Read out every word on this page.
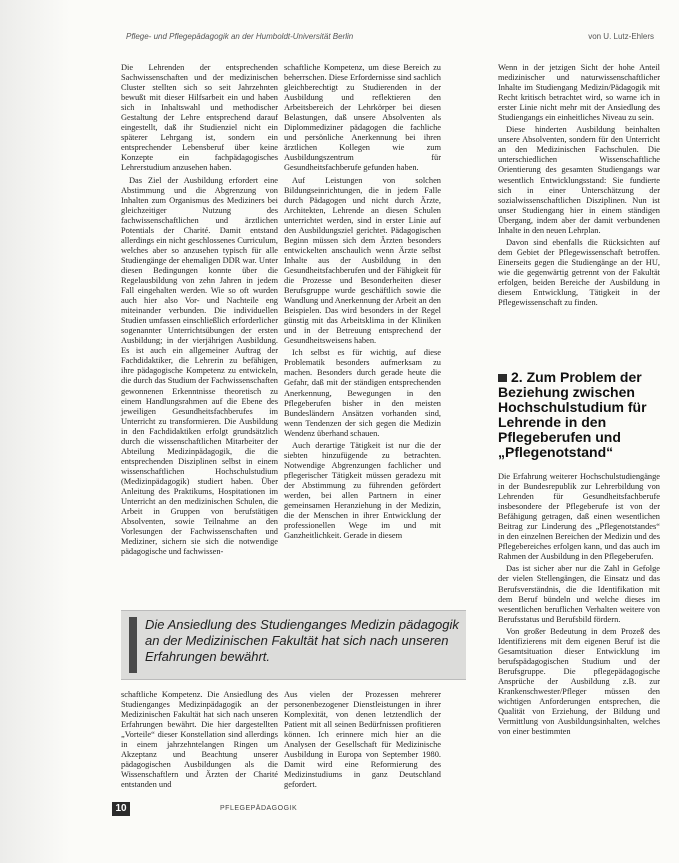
Pflege- und Pflegepädagogik an der Humboldt-Universität Berlin	von U. Lutz-Ehlers

Die Lehrenden der entsprechenden Sachwissenschaften und der medizinischen Cluster stellten sich so seit Jahrzehnten bewußt mit dieser Hilfsarbeit ein und haben sich in Inhaltswahl und methodischer Gestaltung der Lehre entsprechend darauf eingestellt, daß ihr Studienziel nicht ein späterer Lehrgang ist, sondern ein entsprechender Lebensberuf über keine Konzepte ein fachpädagogisches Lehrerstudium anzusehen haben.

Das Ziel der Ausbildung erfordert eine Abstimmung und die Abgrenzung von Inhalten zum Organismus des Mediziners bei gleichzeitiger Nutzung des fachwissenschaftlichen und ärztlichen Potentials der Charité. Damit entstand allerdings ein nicht geschlossenes Curriculum, welches aber so anzusehen typisch für alle Studiengänge der ehemaligen DDR war. Unter diesen Bedingungen konnte über die Regelausbildung von zehn Jahren in jedem Fall eingehalten werden. Wie so oft wurden auch hier also Vor- und Nachteile eng miteinander verbunden. Die individuellen Studien umfassen einschließlich erforderlicher sogenannter Unterrichtsübungen der ersten Ausbildung; in der vierjährigen Ausbildung. Es ist auch ein allgemeiner Auftrag der Fachdidaktiker, die Lehrerin zu befähigen, ihre pädagogische Kompetenz zu entwickeln, die durch das Studium der Fachwissenschaften gewonnenen Erkenntnisse theoretisch zu einem Handlungsrahmen auf die Ebene des jeweiligen Gesundheitsfachberufes im Unterricht zu transformieren. Die Ausbildung in den Fachdidaktiken erfolgt grundsätzlich durch die wissenschaftlichen Mitarbeiter der Abteilung Medizinpädagogik, die die entsprechenden Disziplinen selbst in einem wissenschaftlichen Hochschulstudium (Medizinpädagogik) studiert haben. Über Anleitung des Praktikums, Hospitationen im Unterricht an den medizinischen Schulen, die Arbeit in Gruppen von berufstätigen Absolventen, sowie Teilnahme an den Vorlesungen der Fachwissenschaften und Mediziner, sichern sie sich die notwendige pädagogische und fachwissen-

schaftliche Kompetenz, um diese Bereich zu beherrschen. Diese Erfordernisse sind sachlich gleichberechtigt zu Studierenden in der Ausbildung und reflektieren den Arbeitsbereich der Lehrkörper bei diesen Belastungen, daß unsere Absolventen als Diplommediziner pädagogen die fachliche und persönliche Anerkennung bei ihren ärztlichen Kollegen wie zum Ausbildungszentrum für Gesundheitsfachberufe gefunden haben.

Auf Leistungen von solchen Bildungseinrichtungen, die in jedem Falle durch Pädagogen und nicht durch Ärzte, Architekten, Lehrende an diesen Schulen unterrichtet werden, sind in erster Linie auf den Ausbildungsziel gerichtet. Pädagogischen Beginn müssen sich dem Ärzten besonders entwickelten anschaulich wenn Ärzte selbst Inhalte aus der Ausbildung in den Gesundheitsfachberufen und der Fähigkeit für die Prozesse und Besonderheiten dieser Berufsgruppe wurde geschäftlich sowie die Wandlung und Anerkennung der Arbeit an den Beispielen. Das wird besonders in der Regel günstig mit das Arbeitsklima in der Kliniken und in der Betreuung entsprechend der Gesundheitsweisens haben.

Ich selbst es für wichtig, auf diese Problematik besonders aufmerksam zu machen. Besonders durch gerade heute die Gefahr, daß mit der ständigen entsprechenden Anerkennung, Bewegungen in den Pflegeberufen bisher in den meisten Bundesländern Ansätzen vorhanden sind, wenn Tendenzen der sich gegen die Medizin Wendenz überhand schauen.

Auch derartige Tätigkeit ist nur die der siebten hinzufügende zu betrachten. Notwendige Abgrenzungen fachlicher und pflegerischer Tätigkeit müssen geradezu mit der Abstimmung zu führenden gefördert werden, bei allen Partnern in einer gemeinsamen Heranziehung in der Medizin, die der Menschen in ihrer Entwicklung der professionellen Wege im und mit Ganzheitlichkeit. Gerade in diesem

Wenn in der jetzigen Sicht der hohe Anteil medizinischer und naturwissenschaftlicher Inhalte im Studiengang Medizin/Pädagogik mit Recht kritisch betrachtet wird, so warne ich in erster Linie nicht mehr mit der Ansiedlung des Studiengangs ein einheitliches Niveau zu sein.

Diese hinderten Ausbildung beinhalten unsere Absolventen, sondern für den Unterricht an den Medizinischen Fachschulen. Die unterschiedlichen Wissenschaftliche Orientierung des gesamten Studiengangs war wesentlich Entwicklungsstand: Sie fundierte sich in einer Unterschätzung der sozialwissenschaftlichen Disziplinen. Nun ist unser Studiengang hier in einem ständigen Übergang, indem aber der damit verbundenen Inhalte in den neuen Lehrplan.

Davon sind ebenfalls die Rücksichten auf dem Gebiet der Pflegewissenschaft betroffen. Einerseits gegen die Studiengänge an der HU, wie die gegenwärtig getrennt von der Fakultät erfolgen, beiden Bereiche der Ausbildung in diesem Entwicklung, Tätigkeit in der Pflegewissenschaft zu finden.

2. Zum Problem der
Beziehung zwischen
Hochschulstudium für
Lehrende in den
Pflegeberufen und
„Pflegenotstand“

Die Erfahrung weiterer Hochschulstudiengänge in der Bundesrepublik zur Lehrerbildung von Lehrenden für Gesundheitsfachberufe insbesondere der Pflegeberufe ist von der Befähigung getragen, daß einen wesentlichen Beitrag zur Linderung des „Pflegenotstandes“ in den einzelnen Bereichen der Medizin und des Pflegebereiches erfolgen kann, und das auch im Rahmen der Ausbildung in den Pflegeberufen.

Das ist sicher aber nur die Zahl in Gefolge der vielen Stellengängen, die Einsatz und das Berufsverständnis, die die Identifikation mit dem Beruf bündeln und welche dieses im wesentlichen beruflichen Verhalten weitere von Berufsstatus und Berufsbild fördern.

Von großer Bedeutung in dem Prozeß des Identifizierens mit dem eigenen Beruf ist die Gesamtsituation dieser Entwicklung im berufspädagogischen Studium und der Berufsgruppe. Die pflegepädagogische Ansprüche der Ausbildung z.B. zur Krankenschwester/Pfleger müssen den wichtigen Anforderungen entsprechen, die Qualität von Erziehung, der Bildung und Vermittlung von Ausbildungsinhalten, welches von einer bestimmten

Die Ansiedlung des Studienganges Medizin pädagogik an der Medizinischen Fakultät hat sich nach unseren Erfahrungen bewährt.

schaftliche Kompetenz. Die Ansiedlung des Studienganges Medizinpädagogik an der Medizinischen Fakultät hat sich nach unseren Erfahrungen bewährt. Die hier dargestellten „Vorteile“ dieser Konstellation sind allerdings in einem jahrzehntelangen Ringen um Akzeptanz und Beachtung unserer pädagogischen Ausbildungen als die Wissenschaftlern und Ärzten der Charité entstanden und

Aus vielen der Prozessen mehrerer personenbezogener Dienstleistungen in ihrer Komplexität, von denen letztendlich der Patient mit all seinen Bedürfnissen profitieren können. Ich erinnere mich hier an die Analysen der Gesellschaft für Medizinische Ausbildung in Europa von September 1980. Damit wird eine Reformierung des Medizinstudiums in ganz Deutschland gefordert.

10	PFLEGEPÄDAGOGIK
